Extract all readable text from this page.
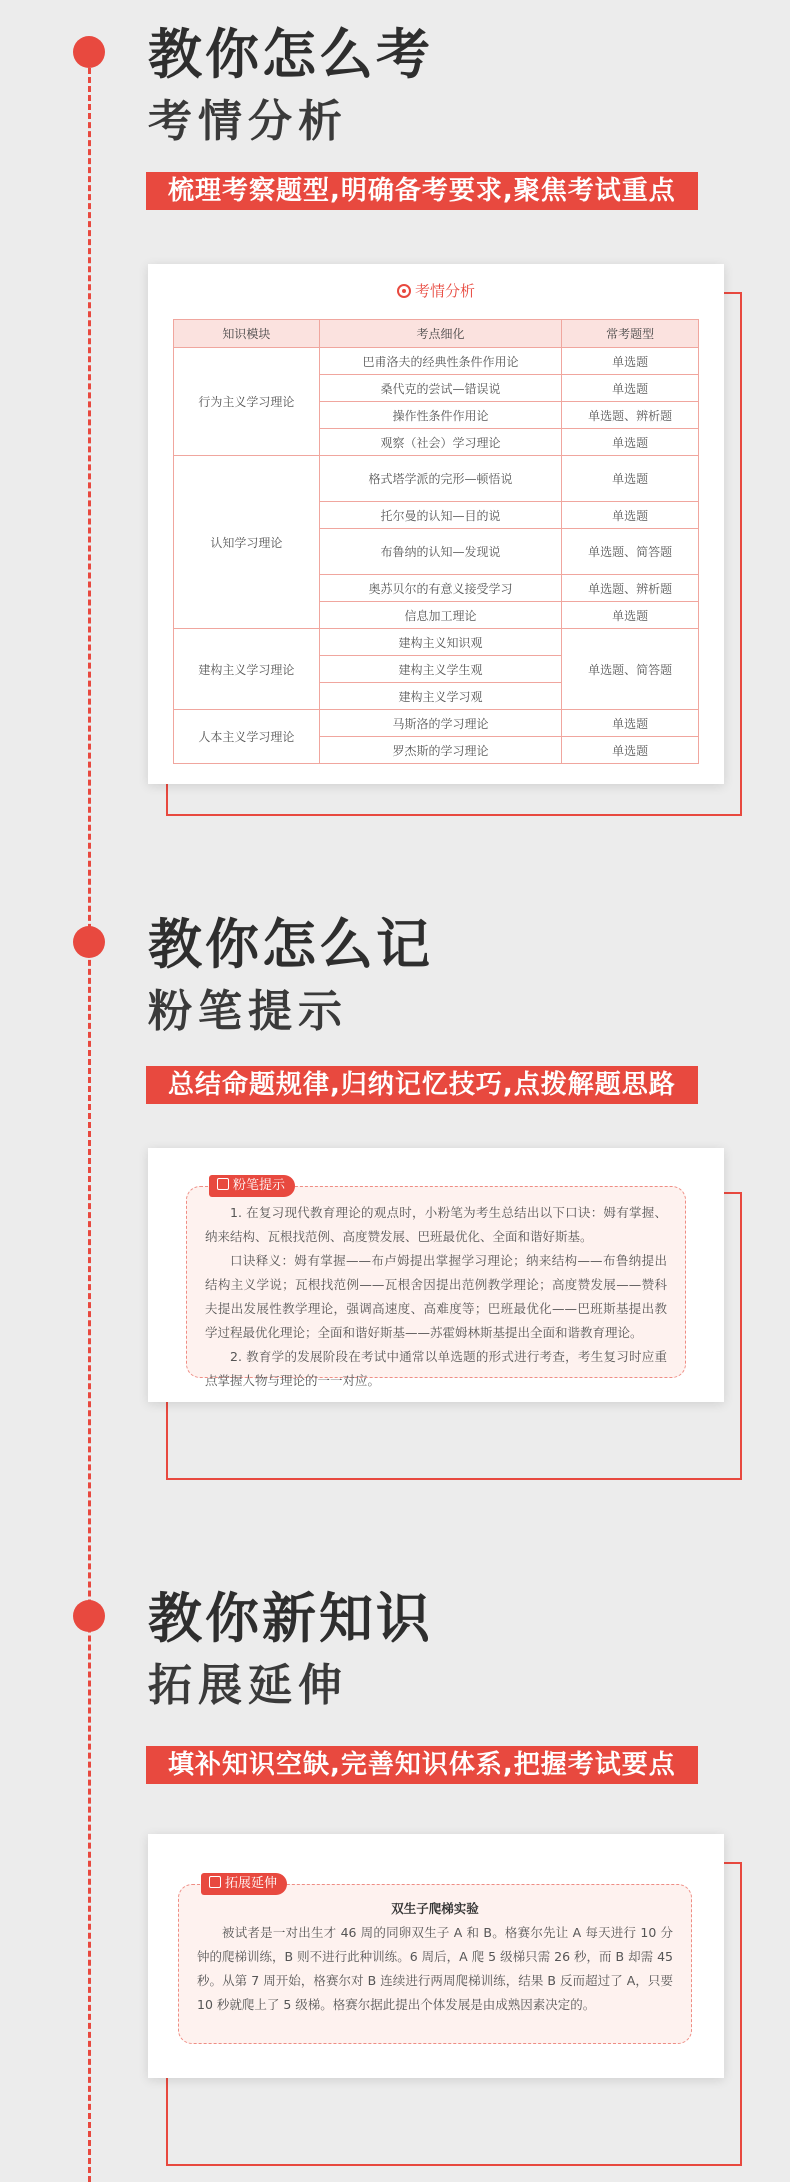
教你怎么考
考情分析
梳理考察题型,明确备考要求,聚焦考试重点
考情分析
知识模块	考点细化	常考题型
行为主义学习理论	巴甫洛夫的经典性条件作用论	单选题
	桑代克的尝试—错误说	单选题
	操作性条件作用论	单选题、辨析题
	观察（社会）学习理论	单选题
认知学习理论	格式塔学派的完形—顿悟说	单选题
	托尔曼的认知—目的说	单选题
	布鲁纳的认知—发现说	单选题、简答题
	奥苏贝尔的有意义接受学习	单选题、辨析题
	信息加工理论	单选题
建构主义学习理论	建构主义知识观	单选题、简答题
	建构主义学生观	
	建构主义学习观	
人本主义学习理论	马斯洛的学习理论	单选题
	罗杰斯的学习理论	单选题
教你怎么记
粉笔提示
总结命题规律,归纳记忆技巧,点拨解题思路
粉笔提示

1. 在复习现代教育理论的观点时，小粉笔为考生总结出以下口诀：姆有掌握、纳来结构、瓦根找范例、高度赞发展、巴班最优化、全面和谐好斯基。

口诀释义：姆有掌握——布卢姆提出掌握学习理论；纳来结构——布鲁纳提出结构主义学说；瓦根找范例——瓦根舍因提出范例教学理论；高度赞发展——赞科夫提出发展性教学理论，强调高速度、高难度等；巴班最优化——巴班斯基提出教学过程最优化理论；全面和谐好斯基——苏霍姆林斯基提出全面和谐教育理论。

2. 教育学的发展阶段在考试中通常以单选题的形式进行考查，考生复习时应重点掌握人物与理论的一一对应。

教你新知识
拓展延伸
填补知识空缺,完善知识体系,把握考试要点
拓展延伸

双生子爬梯实验

被试者是一对出生才 46 周的同卵双生子 A 和 B。格赛尔先让 A 每天进行 10 分钟的爬梯训练，B 则不进行此种训练。6 周后，A 爬 5 级梯只需 26 秒，而 B 却需 45 秒。从第 7 周开始，格赛尔对 B 连续进行两周爬梯训练，结果 B 反而超过了 A，只要 10 秒就爬上了 5 级梯。格赛尔据此提出个体发展是由成熟因素决定的。
